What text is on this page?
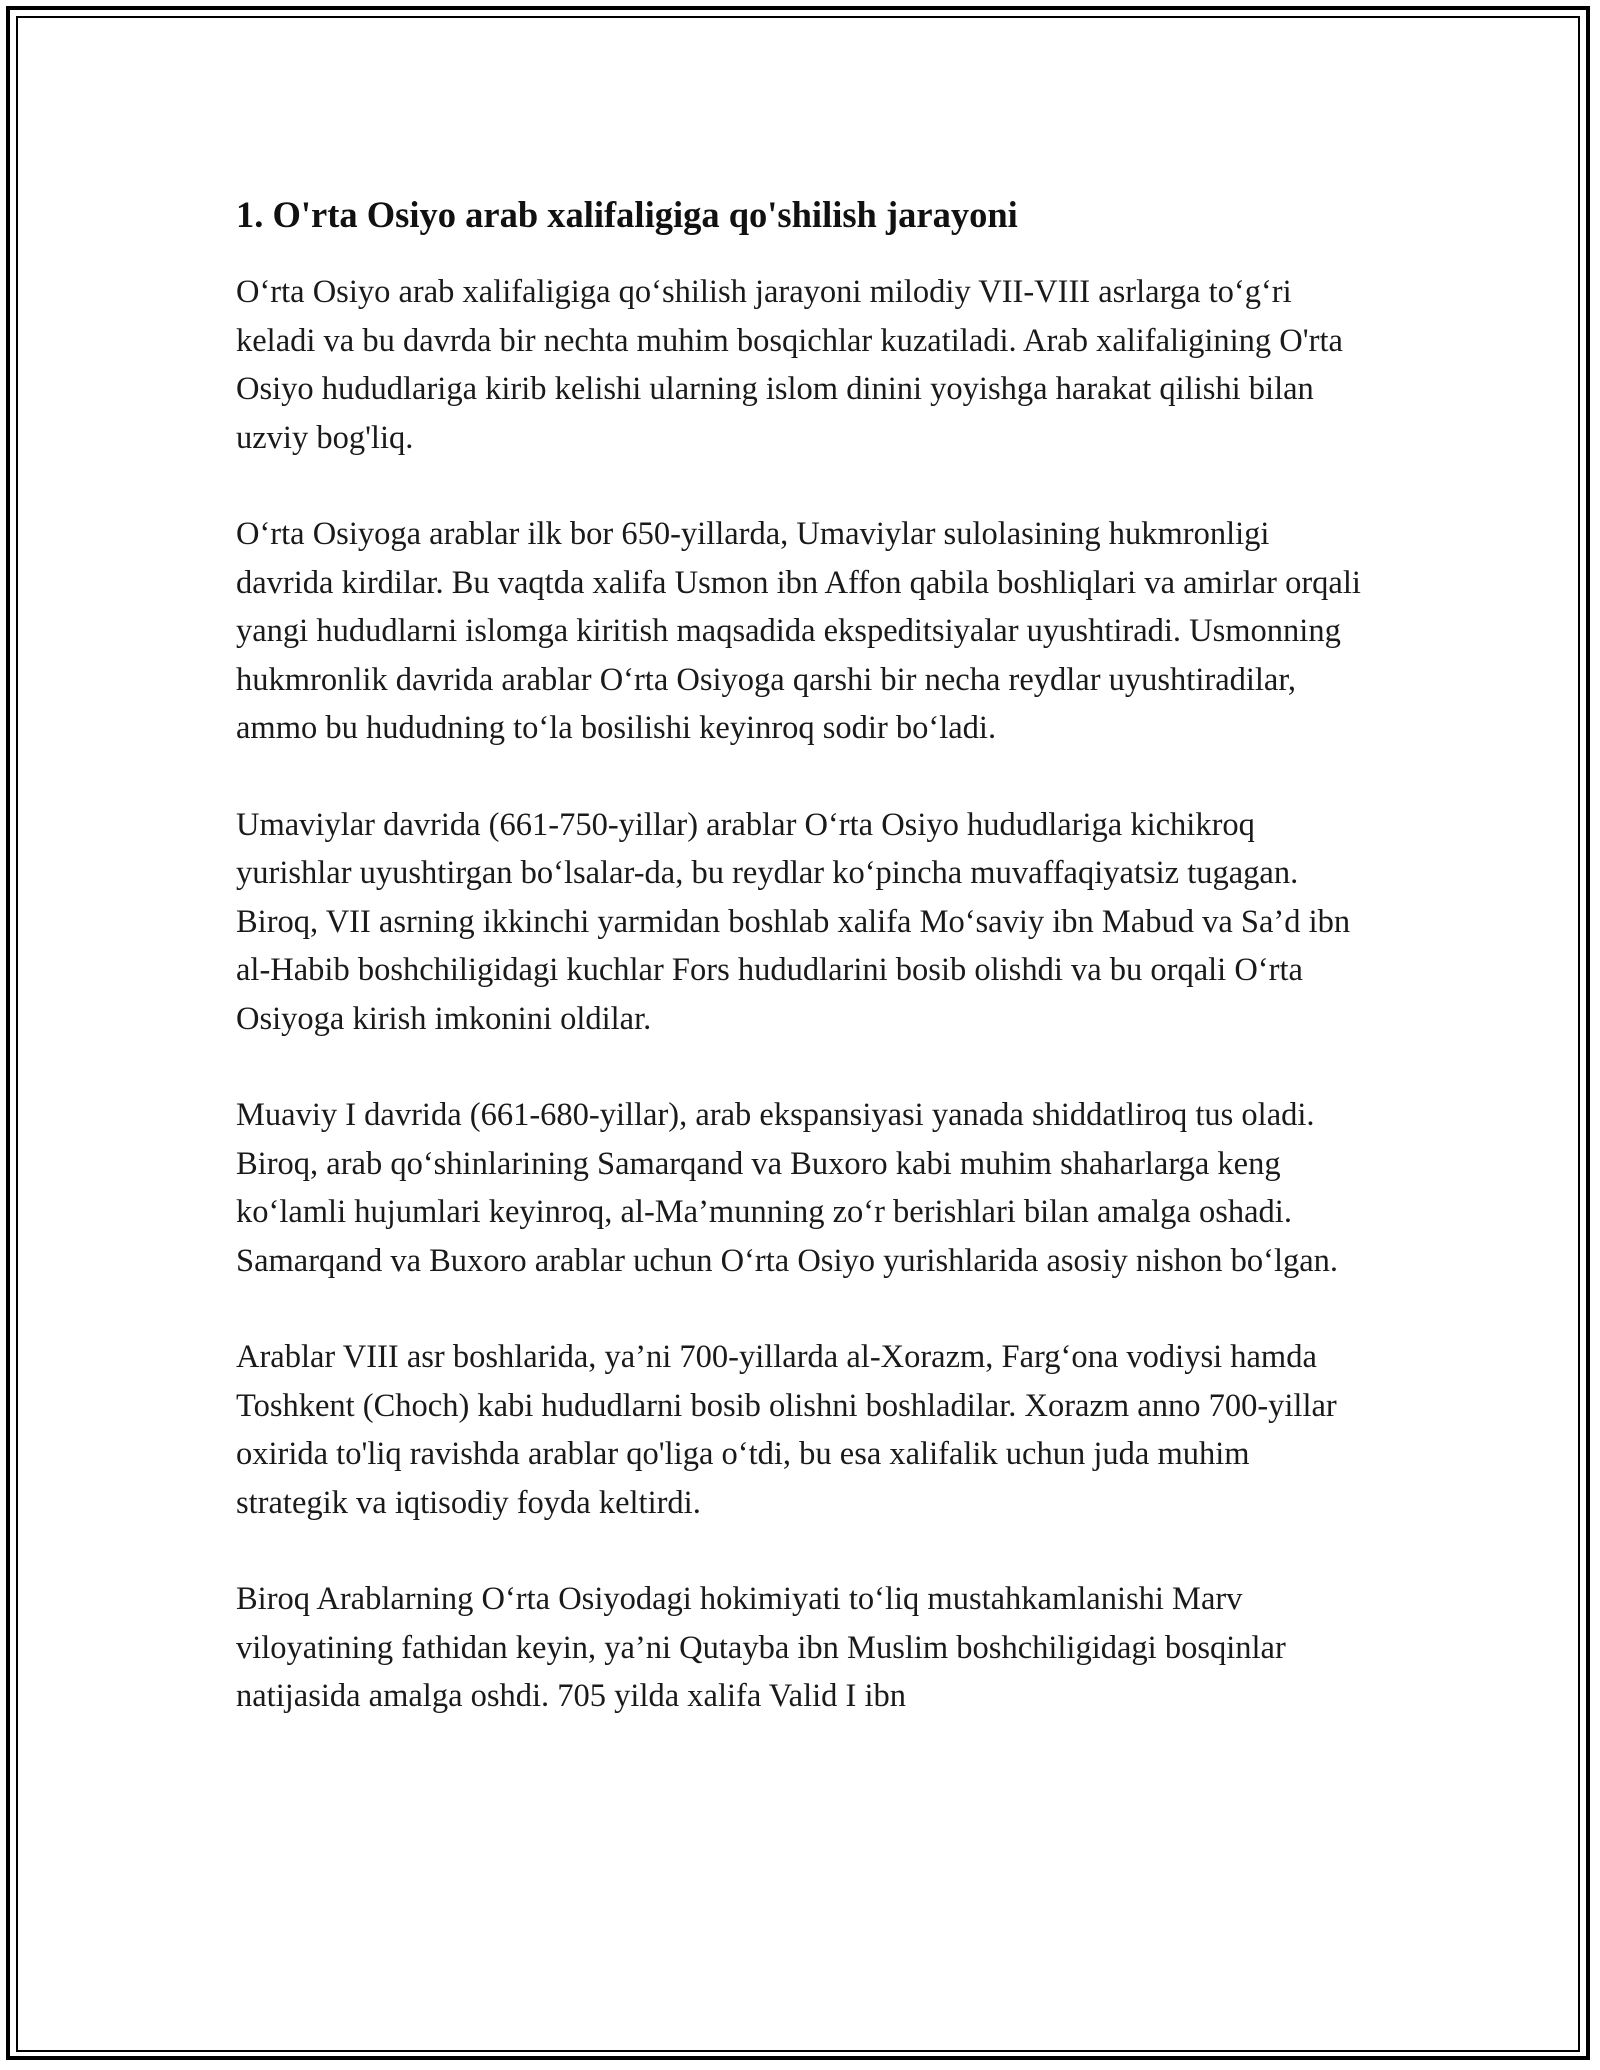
1. O'rta Osiyo arab xalifaligiga qo'shilish jarayoni

Oʻrta Osiyo arab xalifaligiga qoʻshilish jarayoni milodiy VII-VIII asrlarga toʻgʻri keladi va bu davrda bir nechta muhim bosqichlar kuzatiladi. Arab xalifaligining O'rta Osiyo hududlariga kirib kelishi ularning islom dinini yoyishga harakat qilishi bilan uzviy bog'liq.

Oʻrta Osiyoga arablar ilk bor 650-yillarda, Umaviylar sulolasining hukmronligi davrida kirdilar. Bu vaqtda xalifa Usmon ibn Affon qabila boshliqlari va amirlar orqali yangi hududlarni islomga kiritish maqsadida ekspeditsiyalar uyushtiradi. Usmonning hukmronlik davrida arablar Oʻrta Osiyoga qarshi bir necha reydlar uyushtiradilar, ammo bu hududning toʻla bosilishi keyinroq sodir boʻladi.

Umaviylar davrida (661-750-yillar) arablar Oʻrta Osiyo hududlariga kichikroq yurishlar uyushtirgan boʻlsalar-da, bu reydlar koʻpincha muvaffaqiyatsiz tugagan. Biroq, VII asrning ikkinchi yarmidan boshlab xalifa Moʻsaviy ibn Mabud va Sa’d ibn al-Habib boshchiligidagi kuchlar Fors hududlarini bosib olishdi va bu orqali Oʻrta Osiyoga kirish imkonini oldilar.

Muaviy I davrida (661-680-yillar), arab ekspansiyasi yanada shiddatliroq tus oladi. Biroq, arab qoʻshinlarining Samarqand va Buxoro kabi muhim shaharlarga keng koʻlamli hujumlari keyinroq, al-Ma’munning zoʻr berishlari bilan amalga oshadi. Samarqand va Buxoro arablar uchun Oʻrta Osiyo yurishlarida asosiy nishon boʻlgan.

Arablar VIII asr boshlarida, ya’ni 700-yillarda al-Xorazm, Fargʻona vodiysi hamda Toshkent (Choch) kabi hududlarni bosib olishni boshladilar. Xorazm anno 700-yillar oxirida to'liq ravishda arablar qo'liga oʻtdi, bu esa xalifalik uchun juda muhim strategik va iqtisodiy foyda keltirdi.

Biroq Arablarning Oʻrta Osiyodagi hokimiyati toʻliq mustahkamlanishi Marv viloyatining fathidan keyin, ya’ni Qutayba ibn Muslim boshchiligidagi bosqinlar natijasida amalga oshdi. 705 yilda xalifa Valid I ibn
